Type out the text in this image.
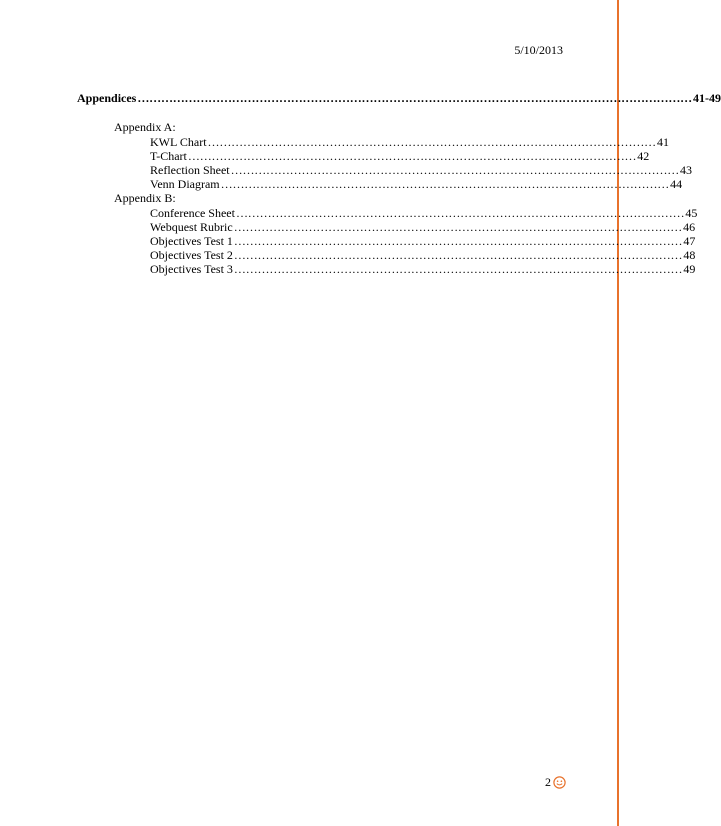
5/10/2013
Appendices …………………………………………………………………………………………………………………………… 41-49
Appendix A:
KWL Chart …………………………………………………………………………………………………… 41
T-Chart …………………………………………………………………………………………………… 42
Reflection Sheet …………………………………………………………………………………………………… 43
Venn Diagram …………………………………………………………………………………………………… 44
Appendix B:
Conference Sheet …………………………………………………………………………………………………… 45
Webquest Rubric …………………………………………………………………………………………………… 46
Objectives Test 1 …………………………………………………………………………………………………… 47
Objectives Test 2 …………………………………………………………………………………………………… 48
Objectives Test 3 …………………………………………………………………………………………………… 49
2
